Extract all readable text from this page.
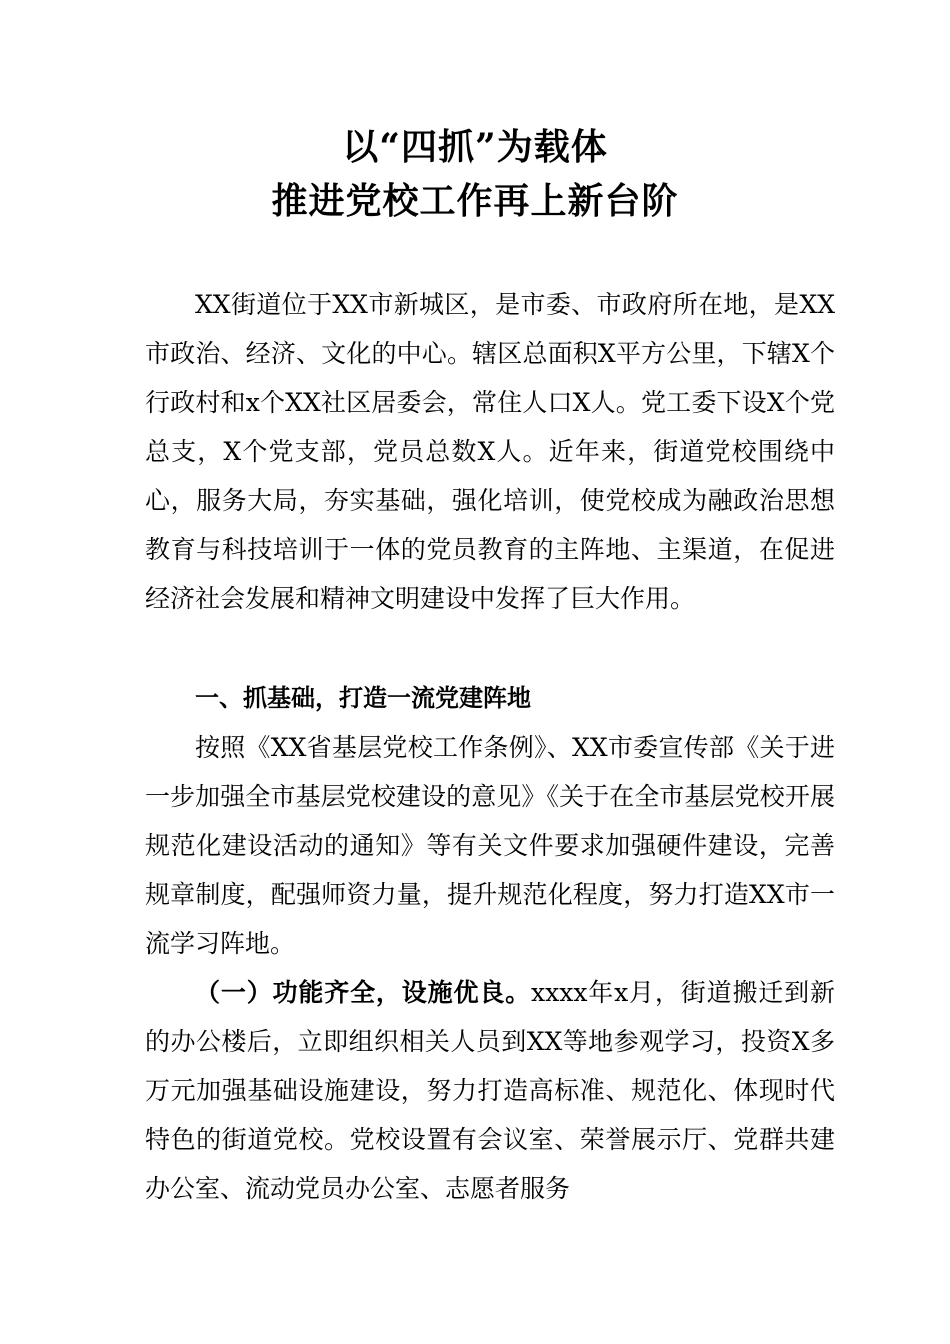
以“四抓”为载体
推进党校工作再上新台阶
XX街道位于XX市新城区，是市委、市政府所在地，是XX市政治、经济、文化的中心。辖区总面积X平方公里，下辖X个行政村和x个XX社区居委会，常住人口X人。党工委下设X个党总支，X个党支部，党员总数X人。近年来，街道党校围绕中心，服务大局，夯实基础，强化培训，使党校成为融政治思想教育与科技培训于一体的党员教育的主阵地、主渠道，在促进经济社会发展和精神文明建设中发挥了巨大作用。
一、抓基础，打造一流党建阵地
按照《XX省基层党校工作条例》、XX市委宣传部《关于进一步加强全市基层党校建设的意见》《关于在全市基层党校开展规范化建设活动的通知》等有关文件要求加强硬件建设，完善规章制度，配强师资力量，提升规范化程度，努力打造XX市一流学习阵地。
（一）功能齐全，设施优良。xxxx年x月，街道搬迁到新的办公楼后，立即组织相关人员到XX等地参观学习，投资X多万元加强基础设施建设，努力打造高标准、规范化、体现时代特色的街道党校。党校设置有会议室、荣誉展示厅、党群共建办公室、流动党员办公室、志愿者服务
